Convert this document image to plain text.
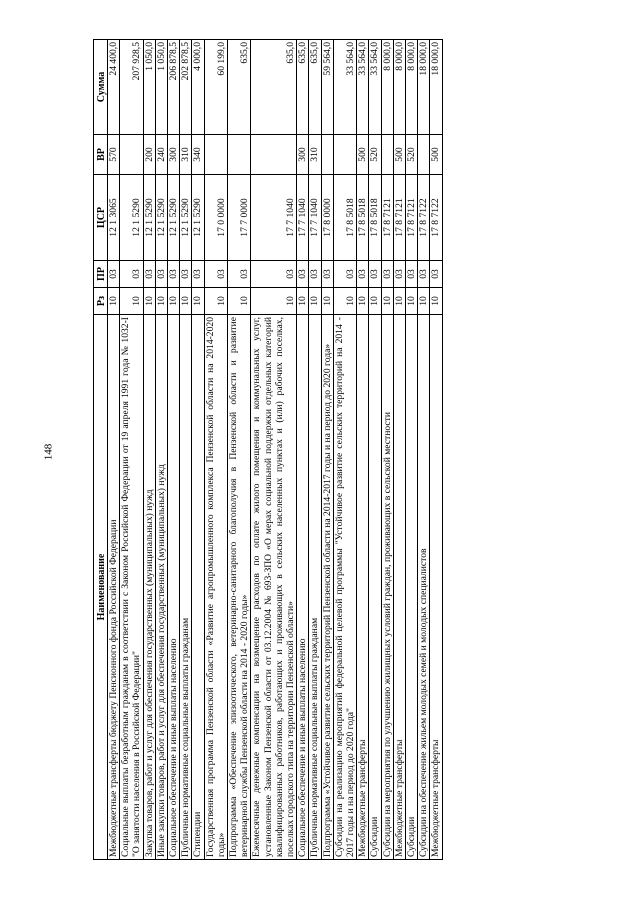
148
Наименование	Рз	ПР	ЦСР	ВР	Сумма
Межбюджетные трансферты бюджету Пенсионного фонда Российской Федерации	10	03	12 1 3065	570	24 400,0
Социальные выплаты безработным гражданам в соответствии с Законом Российской Федерации от 19 апреля 1991 года № 1032-I "О занятости населения в Российской Федерации"	10	03	12 1 5290		207 928,5
Закупка товаров, работ и услуг для обеспечения государственных (муниципальных) нужд	10	03	12 1 5290	200	1 050,0
Иные закупки товаров, работ и услуг для обеспечения государственных (муниципальных) нужд	10	03	12 1 5290	240	1 050,0
Социальное обеспечение и иные выплаты населению	10	03	12 1 5290	300	206 878,5
Публичные нормативные социальные выплаты гражданам	10	03	12 1 5290	310	202 878,5
Стипендии	10	03	12 1 5290	340	4 000,0
Государственная программа Пензенской области «Развитие агропромышленного комплекса Пензенской области на 2014-2020 годы»	10	03	17 0 0000		60 199,0
Подпрограмма «Обеспечение эпизоотического, ветеринарно-санитарного благополучия в Пензенской области и развитие ветеринарной службы Пензенской области на 2014 - 2020 годы»	10	03	17 7 0000		635,0
Ежемесячные денежные компенсации на возмещение расходов по оплате жилого помещения и коммунальных услуг, установленные Законом Пензенской области от 03.12.2004 № 693-ЗПО «О мерах социальной поддержки отдельных категорий квалифицированных работников, работающих и проживающих в сельских населенных пунктах и (или) рабочих поселках, поселках городского типа на территории Пензенской области»	10	03	17 7 1040		635,0
Социальное обеспечение и иные выплаты населению	10	03	17 7 1040	300	635,0
Публичные нормативные социальные выплаты гражданам	10	03	17 7 1040	310	635,0
Подпрограмма «Устойчивое развитие сельских территорий Пензенской области на 2014-2017 годы и на период до 2020 года»	10	03	17 8 0000		59 564,0
Субсидии на реализацию мероприятий федеральной целевой программы "Устойчивое развитие сельских территорий на 2014 - 2017 годы и на период до 2020 года"	10	03	17 8 5018		33 564,0
Межбюджетные трансферты	10	03	17 8 5018	500	33 564,0
Субсидии	10	03	17 8 5018	520	33 564,0
Субсидии на мероприятия по улучшению жилищных условий граждан, проживающих в сельской местности	10	03	17 8 7121		8 000,0
Межбюджетные трансферты	10	03	17 8 7121	500	8 000,0
Субсидии	10	03	17 8 7121	520	8 000,0
Субсидии на обеспечение жильем молодых семей и молодых специалистов	10	03	17 8 7122		18 000,0
Межбюджетные трансферты	10	03	17 8 7122	500	18 000,0
